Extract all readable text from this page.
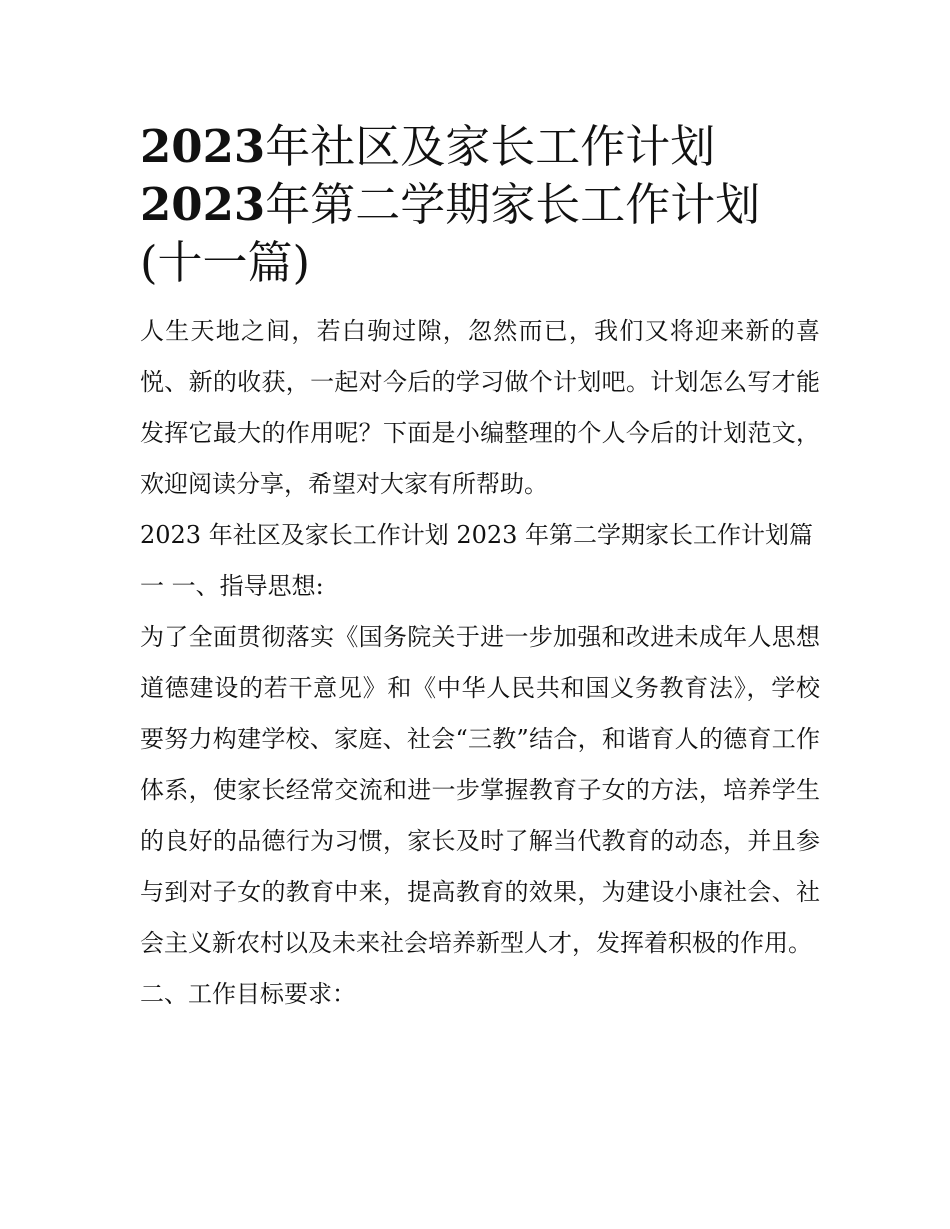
2023年社区及家长工作计划
2023年第二学期家长工作计划
(十一篇)

人生天地之间，若白驹过隙，忽然而已，我们又将迎来新的喜悦、新的收获，一起对今后的学习做个计划吧。计划怎么写才能发挥它最大的作用呢？下面是小编整理的个人今后的计划范文，欢迎阅读分享，希望对大家有所帮助。

2023 年社区及家长工作计划 2023 年第二学期家长工作计划篇

一 一、指导思想:

为了全面贯彻落实《国务院关于进一步加强和改进未成年人思想道德建设的若干意见》和《中华人民共和国义务教育法》，学校要努力构建学校、家庭、社会“三教”结合，和谐育人的德育工作体系，使家长经常交流和进一步掌握教育子女的方法，培养学生的良好的品德行为习惯，家长及时了解当代教育的动态，并且参与到对子女的教育中来，提高教育的效果，为建设小康社会、社会主义新农村以及未来社会培养新型人才，发挥着积极的作用。

二、工作目标要求：
